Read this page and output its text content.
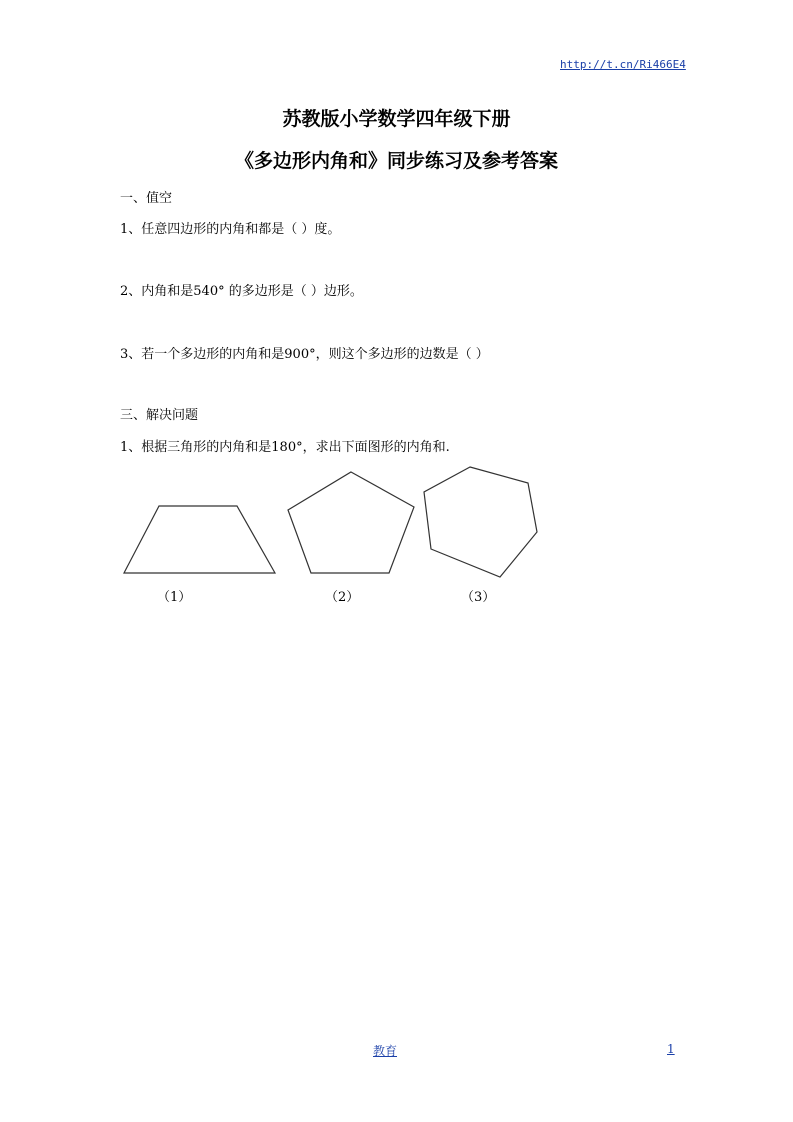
http://t.cn/Ri466E4
苏教版小学数学四年级下册
《多边形内角和》同步练习及参考答案
一、值空
1、任意四边形的内角和都是（ ）度。
2、内角和是540° 的多边形是（ ）边形。
3、若一个多边形的内角和是900°，则这个多边形的边数是（ ）
三、解决问题
1、根据三角形的内角和是180°，求出下面图形的内角和.
（1）	（2）	（3）
教育	1
